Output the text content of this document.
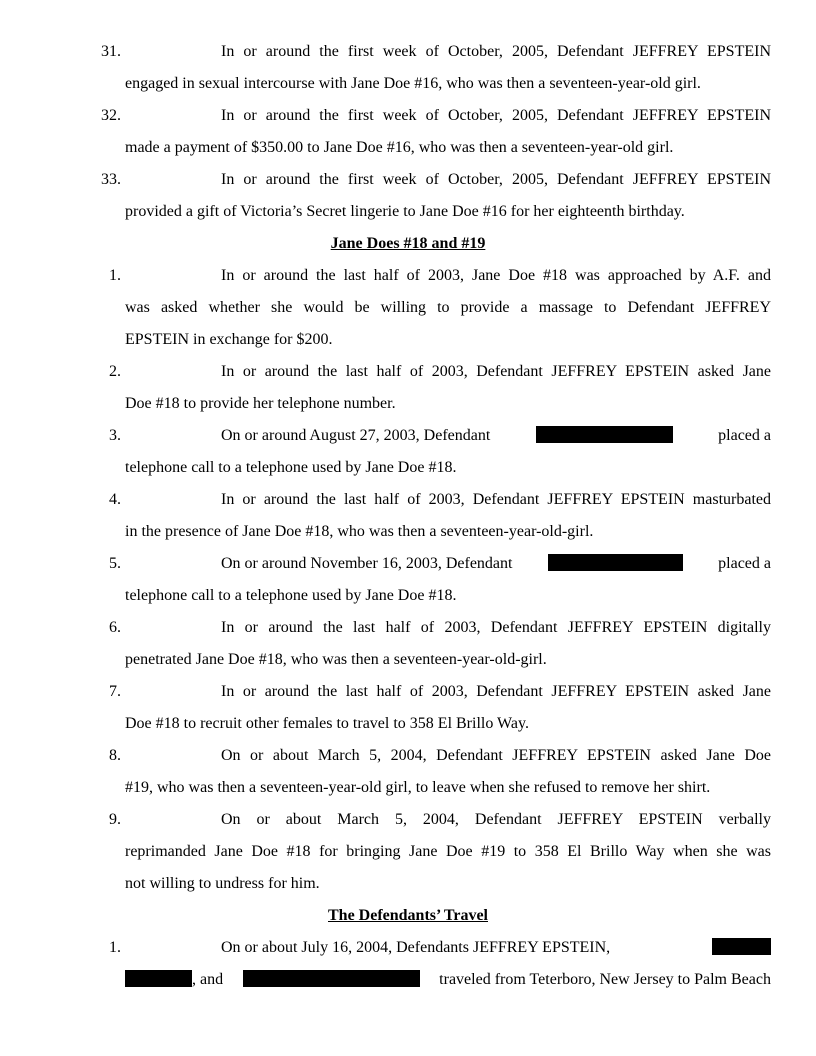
31.	In or around the first week of October, 2005, Defendant JEFFREY EPSTEIN
engaged in sexual intercourse with Jane Doe #16, who was then a seventeen-year-old girl.
32.	In or around the first week of October, 2005, Defendant JEFFREY EPSTEIN
made a payment of $350.00 to Jane Doe #16, who was then a seventeen-year-old girl.
33.	In or around the first week of October, 2005, Defendant JEFFREY EPSTEIN
provided a gift of Victoria’s Secret lingerie to Jane Doe #16 for her eighteenth birthday.
Jane Does #18 and #19
1.	In or around the last half of 2003, Jane Doe #18 was approached by A.F. and
was asked whether she would be willing to provide a massage to Defendant JEFFREY
EPSTEIN in exchange for $200.
2.	In or around the last half of 2003, Defendant JEFFREY EPSTEIN asked Jane
Doe #18 to provide her telephone number.
3.	On or around August 27, 2003, Defendant	placed a
telephone call to a telephone used by Jane Doe #18.
4.	In or around the last half of 2003, Defendant JEFFREY EPSTEIN masturbated
in the presence of Jane Doe #18, who was then a seventeen-year-old-girl.
5.	On or around November 16, 2003, Defendant	placed a
telephone call to a telephone used by Jane Doe #18.
6.	In or around the last half of 2003, Defendant JEFFREY EPSTEIN digitally
penetrated Jane Doe #18, who was then a seventeen-year-old-girl.
7.	In or around the last half of 2003, Defendant JEFFREY EPSTEIN asked Jane
Doe #18 to recruit other females to travel to 358 El Brillo Way.
8.	On or about March 5, 2004, Defendant JEFFREY EPSTEIN asked Jane Doe
#19, who was then a seventeen-year-old girl, to leave when she refused to remove her shirt.
9.	On or about March 5, 2004, Defendant JEFFREY EPSTEIN verbally
reprimanded Jane Doe #18 for bringing Jane Doe #19 to 358 El Brillo Way when she was
not willing to undress for him.
The Defendants’ Travel
1.	On or about July 16, 2004, Defendants JEFFREY EPSTEIN,
, and	traveled from Teterboro, New Jersey to Palm Beach
